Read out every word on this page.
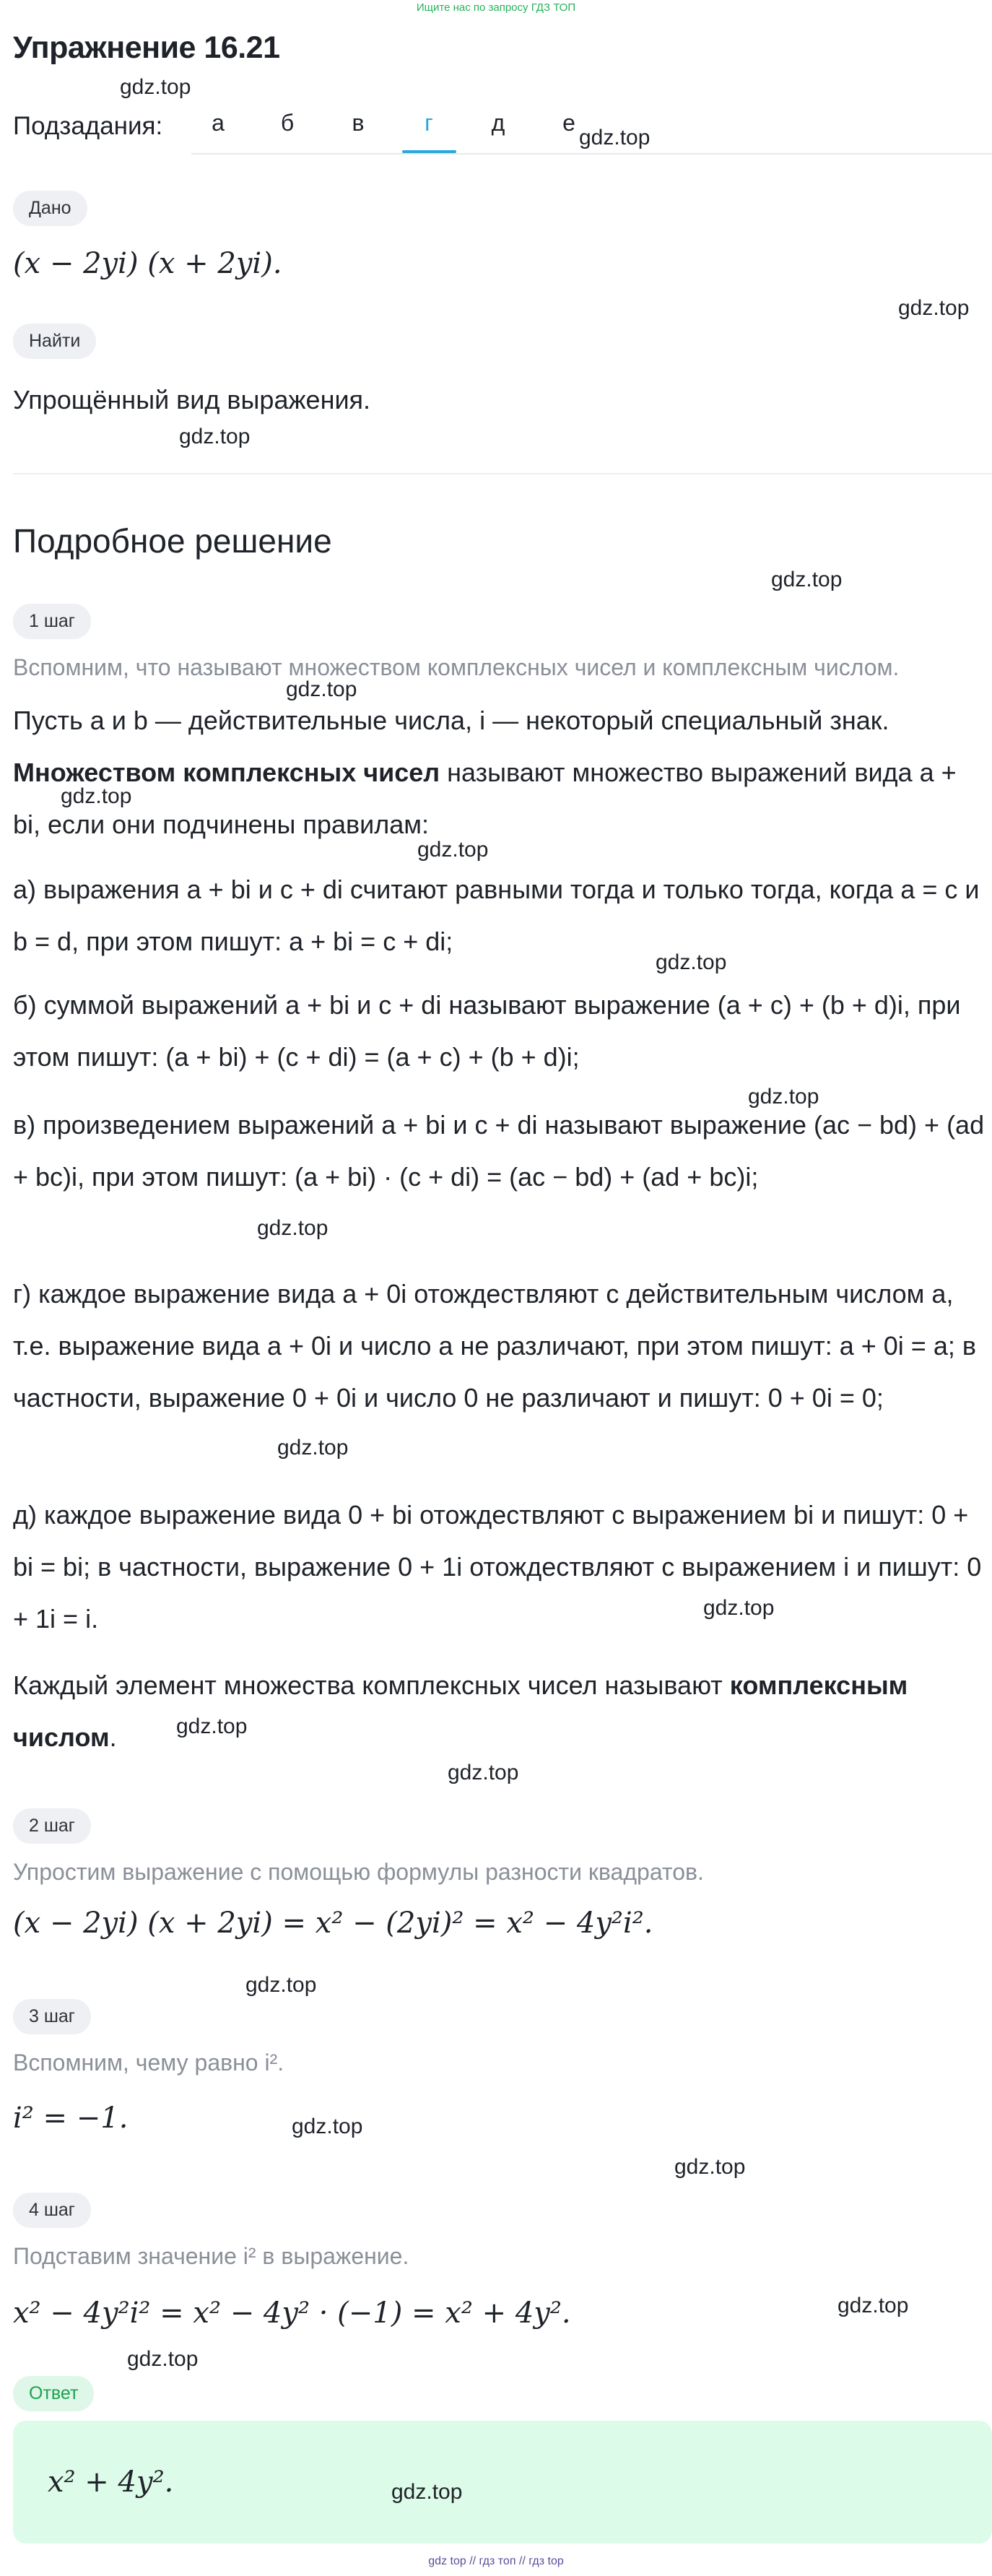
Ищите нас по запросу ГДЗ ТОП
Упражнение 16.21
gdz.top
gdz.top
gdz.top
gdz.top
gdz.top
gdz.top
gdz.top
gdz.top
gdz.top
gdz.top
gdz.top
gdz.top
gdz.top
gdz.top
gdz.top
gdz.top
gdz.top
gdz.top
gdz.top
gdz.top
gdz.top
Подзадания:	а	б	в	г	д	е
Дано
(x − 2yi) (x + 2yi).
Найти
Упрощённый вид выражения.
Подробное решение
1 шаг
Вспомним, что называют множеством комплексных чисел и комплексным числом.
Пусть a и b — действительные числа, i — некоторый специальный знак.
Множеством комплексных чисел называют множество выражений вида a + bi, если они подчинены правилам:
а) выражения a + bi и c + di считают равными тогда и только тогда, когда a = c и b = d, при этом пишут: a + bi = c + di;
б) суммой выражений a + bi и c + di называют выражение (a + c) + (b + d)i, при этом пишут: (a + bi) + (c + di) = (a + c) + (b + d)i;
в) произведением выражений a + bi и c + di называют выражение (ac − bd) + (ad + bc)i, при этом пишут: (a + bi) · (c + di) = (ac − bd) + (ad + bc)i;
г) каждое выражение вида a + 0i отождествляют с действительным числом a, т.е. выражение вида a + 0i и число a не различают, при этом пишут: a + 0i = a; в частности, выражение 0 + 0i и число 0 не различают и пишут: 0 + 0i = 0;
д) каждое выражение вида 0 + bi отождествляют с выражением bi и пишут: 0 + bi = bi; в частности, выражение 0 + 1i отождествляют с выражением i и пишут: 0 + 1i = i.
Каждый элемент множества комплексных чисел называют комплексным числом.
2 шаг
Упростим выражение с помощью формулы разности квадратов.
(x − 2yi) (x + 2yi) = x² − (2yi)² = x² − 4y²i².
3 шаг
Вспомним, чему равно i².
i² = −1.
4 шаг
Подставим значение i² в выражение.
x² − 4y²i² = x² − 4y² · (−1) = x² + 4y².
Ответ
x² + 4y².
gdz top // гдз топ // гдз top
